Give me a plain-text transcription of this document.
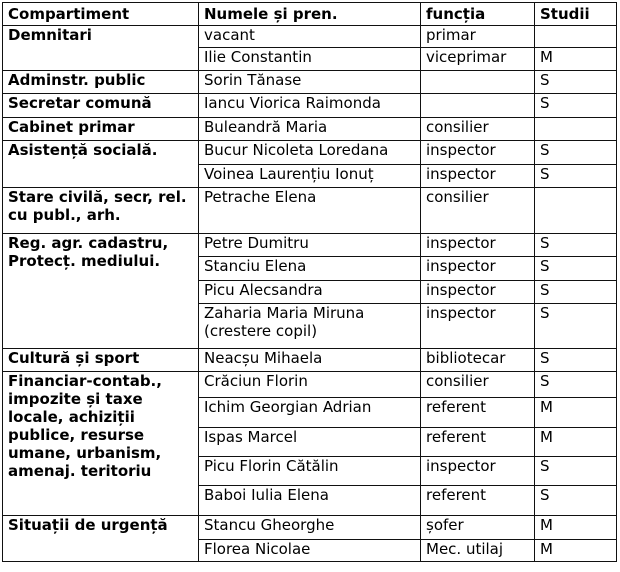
Compartiment	Numele și pren.	funcția	Studii
Demnitari	vacant	primar	
	Ilie Constantin	viceprimar	M
Adminstr. public	Sorin Tănase		S
Secretar comună	Iancu Viorica Raimonda		S
Cabinet primar	Buleandră Maria	consilier	
Asistență socială.	Bucur Nicoleta Loredana	inspector	S
	Voinea Laurențiu Ionuț	inspector	S
Stare civilă, secr, rel. cu publ., arh.	Petrache Elena	consilier	
Reg. agr. cadastru, Protecț. mediului.	Petre Dumitru	inspector	S
	Stanciu Elena	inspector	S
	Picu Alecsandra	inspector	S
	Zaharia Maria Miruna (crestere copil)	inspector	S
Cultură și sport	Neacșu Mihaela	bibliotecar	S
Financiar-contab., impozite și taxe locale, achiziții publice, resurse umane, urbanism, amenaj. teritoriu	Crăciun Florin	consilier	S
	Ichim Georgian Adrian	referent	M
	Ispas Marcel	referent	M
	Picu Florin Cătălin	inspector	S
	Baboi Iulia Elena	referent	S
Situații de urgență	Stancu Gheorghe	șofer	M
	Florea Nicolae	Mec. utilaj	M
